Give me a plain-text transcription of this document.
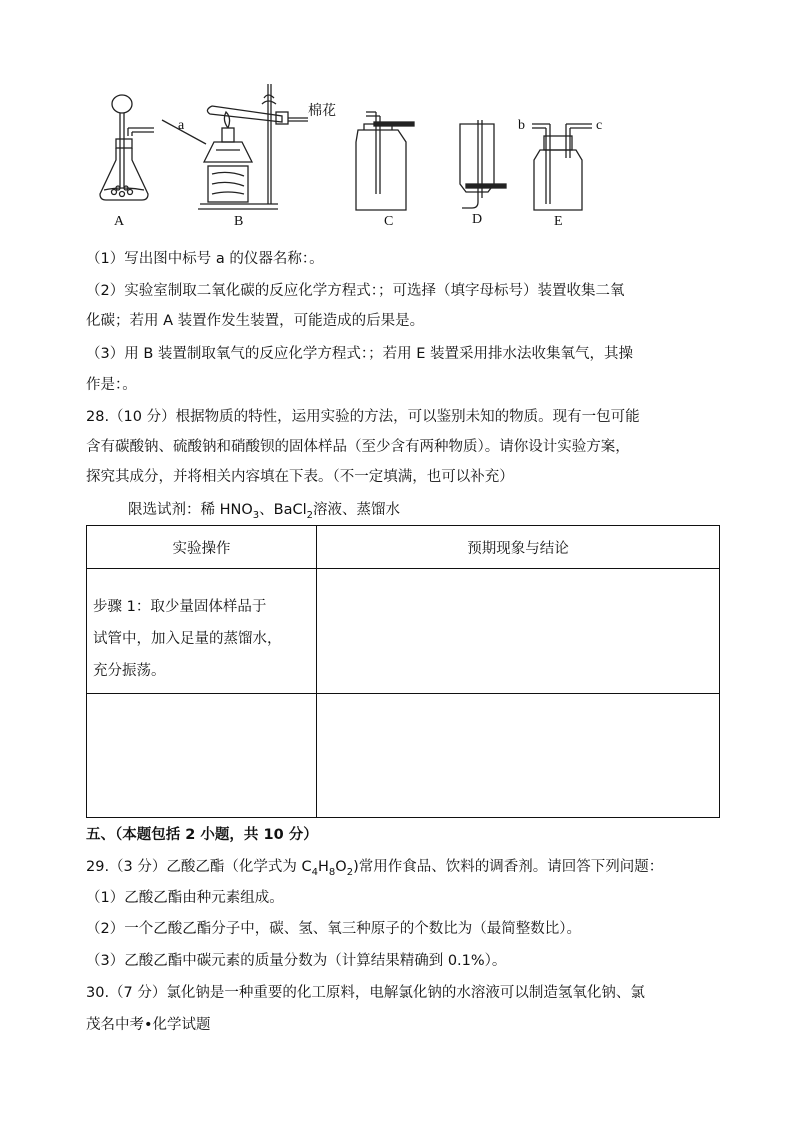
A	B	C	D	E
a	b	c
棉花
（1）写出图中标号 a 的仪器名称：。
（2）实验室制取二氧化碳的反应化学方程式：；可选择（填字母标号）装置收集二氧
化碳；若用 A 装置作发生装置，可能造成的后果是。
（3）用 B 装置制取氧气的反应化学方程式：；若用 E 装置采用排水法收集氧气，其操
作是：。
28.（10 分）根据物质的特性，运用实验的方法，可以鉴别未知的物质。现有一包可能
含有碳酸钠、硫酸钠和硝酸钡的固体样品（至少含有两种物质）。请你设计实验方案，
探究其成分，并将相关内容填在下表。（不一定填满，也可以补充）
限选试剂：稀 $HNO_3$、BaCl$_2$溶液、蒸馏水
实验操作	预期现象与结论

步骤 1：取少量固体样品于
试管中，加入足量的蒸馏水，
充分振荡。	

五、（本题包括 2 小题，共 10 分）
29.（3 分）乙酸乙酯（化学式为 $C_4H_8O_2$)常用作食品、饮料的调香剂。请回答下列问题：
（1）乙酸乙酯由种元素组成。
（2）一个乙酸乙酯分子中，碳、氢、氧三种原子的个数比为（最简整数比）。
（3）乙酸乙酯中碳元素的质量分数为（计算结果精确到 0.1%）。
30.（7 分）氯化钠是一种重要的化工原料，电解氯化钠的水溶液可以制造氢氧化钠、氯
茂名中考•化学试题
